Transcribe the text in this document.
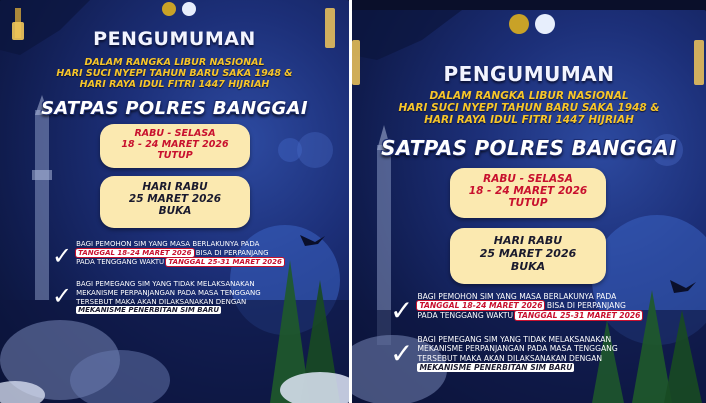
PENGUMUMAN
DALAM RANGKA LIBUR NASIONAL
HARI SUCI NYEPI TAHUN BARU SAKA 1948 &
HARI RAYA IDUL FITRI 1447 HIJRIAH
SATPAS POLRES BANGGAI
RABU - SELASA
18 - 24 MARET 2026
TUTUP
HARI RABU
25 MARET 2026
BUKA
✓ BAGI PEMOHON SIM YANG MASA BERLAKUNYA PADA
TANGGAL 18-24 MARET 2026 BISA DI PERPANJANG
PADA TENGGANG WAKTU TANGGAL 25-31 MARET 2026
✓ BAGI PEMEGANG SIM YANG TIDAK MELAKSANAKAN
MEKANISME PERPANJANGAN PADA MASA TENGGANG
TERSEBUT MAKA AKAN DILAKSANAKAN DENGAN
MEKANISME PENERBITAN SIM BARU
PENGUMUMAN
DALAM RANGKA LIBUR NASIONAL
HARI SUCI NYEPI TAHUN BARU SAKA 1948 &
HARI RAYA IDUL FITRI 1447 HIJRIAH
SATPAS POLRES BANGGAI
RABU - SELASA
18 - 24 MARET 2026
TUTUP
HARI RABU
25 MARET 2026
BUKA
✓ BAGI PEMOHON SIM YANG MASA BERLAKUNYA PADA
TANGGAL 18-24 MARET 2026 BISA DI PERPANJANG
PADA TENGGANG WAKTU TANGGAL 25-31 MARET 2026
✓ BAGI PEMEGANG SIM YANG TIDAK MELAKSANAKAN
MEKANISME PERPANJANGAN PADA MASA TENGGANG
TERSEBUT MAKA AKAN DILAKSANAKAN DENGAN
MEKANISME PENERBITAN SIM BARU
